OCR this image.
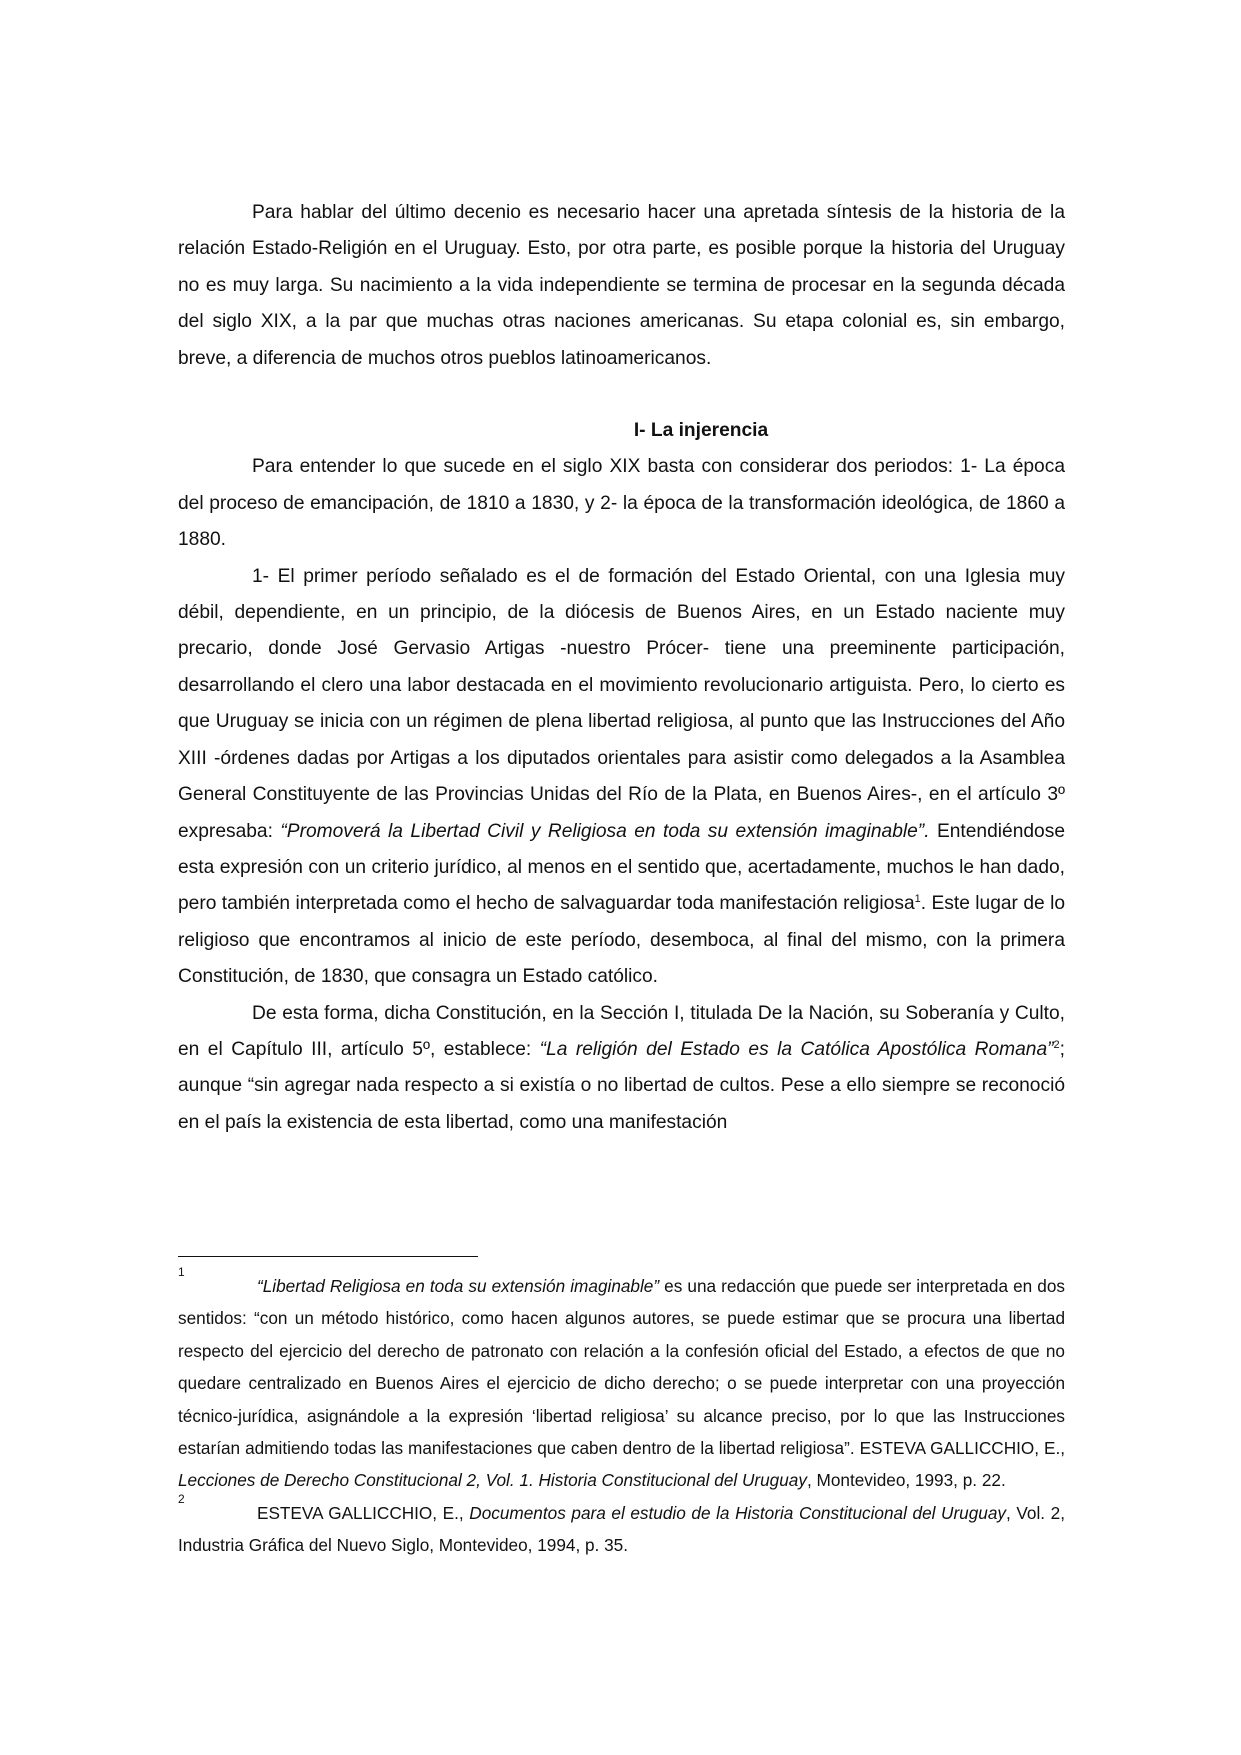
Para hablar del último decenio es necesario hacer una apretada síntesis de la historia de la relación Estado-Religión en el Uruguay. Esto, por otra parte, es posible porque la historia del Uruguay no es muy larga. Su nacimiento a la vida independiente se termina de procesar en la segunda década del siglo XIX, a la par que muchas otras naciones americanas. Su etapa colonial es, sin embargo, breve, a diferencia de muchos otros pueblos latinoamericanos.

I- La injerencia

Para entender lo que sucede en el siglo XIX basta con considerar dos periodos: 1- La época del proceso de emancipación, de 1810 a 1830, y 2- la época de la transformación ideológica, de 1860 a 1880.

1- El primer período señalado es el de formación del Estado Oriental, con una Iglesia muy débil, dependiente, en un principio, de la diócesis de Buenos Aires, en un Estado naciente muy precario, donde José Gervasio Artigas -nuestro Prócer- tiene una preeminente participación, desarrollando el clero una labor destacada en el movimiento revolucionario artiguista. Pero, lo cierto es que Uruguay se inicia con un régimen de plena libertad religiosa, al punto que las Instrucciones del Año XIII -órdenes dadas por Artigas a los diputados orientales para asistir como delegados a la Asamblea General Constituyente de las Provincias Unidas del Río de la Plata, en Buenos Aires-, en el artículo 3º expresaba: “Promoverá la Libertad Civil y Religiosa en toda su extensión imaginable”. Entendiéndose esta expresión con un criterio jurídico, al menos en el sentido que, acertadamente, muchos le han dado, pero también interpretada como el hecho de salvaguardar toda manifestación religiosa$^1$. Este lugar de lo religioso que encontramos al inicio de este período, desemboca, al final del mismo, con la primera Constitución, de 1830, que consagra un Estado católico.

De esta forma, dicha Constitución, en la Sección I, titulada De la Nación, su Soberanía y Culto, en el Capítulo III, artículo 5º, establece: “La religión del Estado es la Católica Apostólica Romana”$^2$; aunque “sin agregar nada respecto a si existía o no libertad de cultos. Pese a ello siempre se reconoció en el país la existencia de esta libertad, como una manifestación

1

“Libertad Religiosa en toda su extensión imaginable” es una redacción que puede ser interpretada en dos sentidos: “con un método histórico, como hacen algunos autores, se puede estimar que se procura una libertad respecto del ejercicio del derecho de patronato con relación a la confesión oficial del Estado, a efectos de que no quedare centralizado en Buenos Aires el ejercicio de dicho derecho; o se puede interpretar con una proyección técnico-jurídica, asignándole a la expresión ‘libertad religiosa’ su alcance preciso, por lo que las Instrucciones estarían admitiendo todas las manifestaciones que caben dentro de la libertad religiosa”. ESTEVA GALLICCHIO, E., Lecciones de Derecho Constitucional 2, Vol. 1. Historia Constitucional del Uruguay, Montevideo, 1993, p. 22.

2

ESTEVA GALLICCHIO, E., Documentos para el estudio de la Historia Constitucional del Uruguay, Vol. 2, Industria Gráfica del Nuevo Siglo, Montevideo, 1994, p. 35.
